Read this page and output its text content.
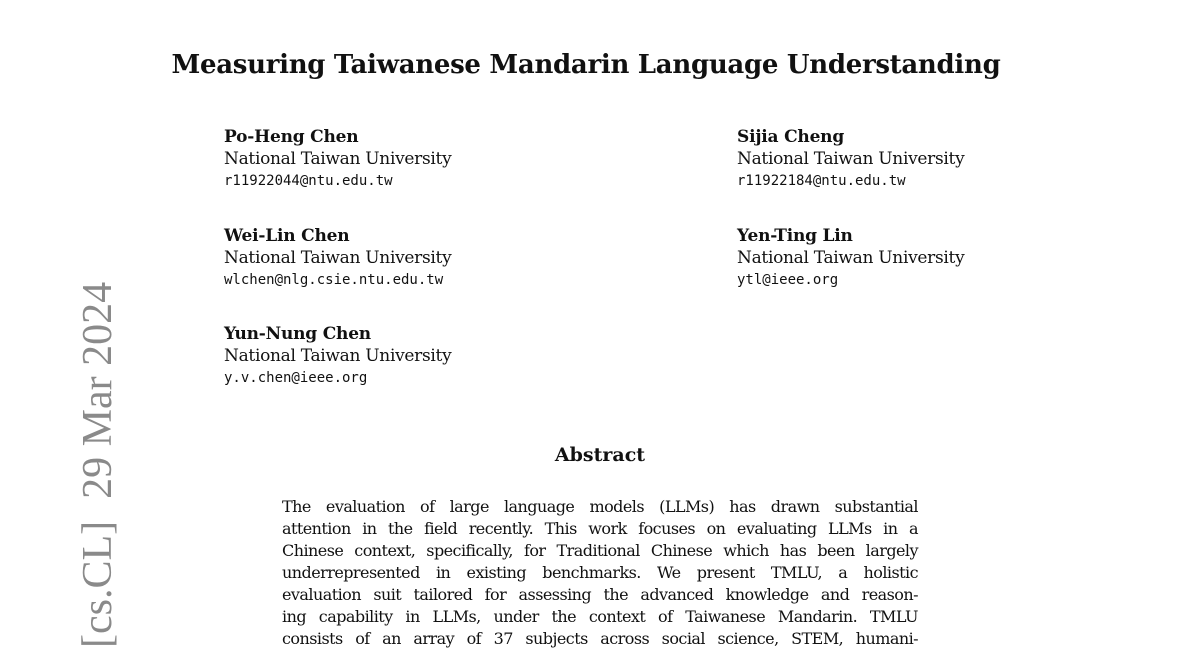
[cs.CL]29 Mar 2024
Measuring Taiwanese Mandarin Language Understanding
Po-Heng Chen
National Taiwan University
r11922044@ntu.edu.tw
Sijia Cheng
National Taiwan University
r11922184@ntu.edu.tw
Wei-Lin Chen
National Taiwan University
wlchen@nlg.csie.ntu.edu.tw
Yen-Ting Lin
National Taiwan University
ytl@ieee.org
Yun-Nung Chen
National Taiwan University
y.v.chen@ieee.org
Abstract
The evaluation of large language models (LLMs) has drawn substantial
attention in the field recently. This work focuses on evaluating LLMs in a
Chinese context, specifically, for Traditional Chinese which has been largely
underrepresented in existing benchmarks. We present TMLU, a holistic
evaluation suit tailored for assessing the advanced knowledge and reason-
ing capability in LLMs, under the context of Taiwanese Mandarin. TMLU
consists of an array of 37 subjects across social science, STEM, humani-
